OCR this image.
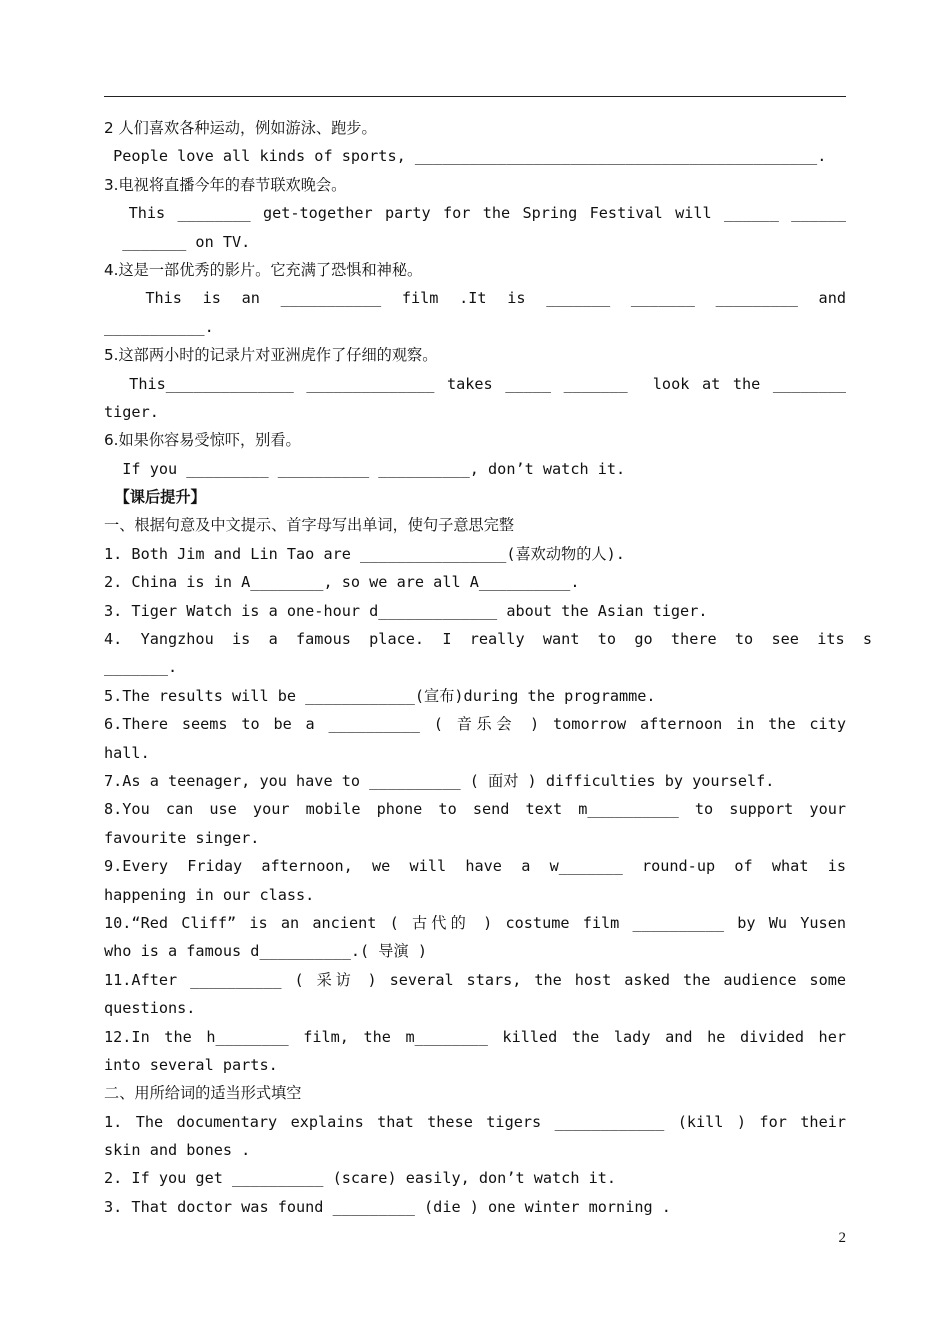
2 人们喜欢各种运动，例如游泳、跑步。
People love all kinds of sports, ____________________________________________.
3.电视将直播今年的春节联欢晚会。
This ________ get-together party for the Spring Festival will ______ ______
_______ on TV.
4.这是一部优秀的影片。它充满了恐惧和神秘。
This  is  an  ___________  film  .It  is  _______  _______  _________  and
___________.
5.这部两小时的记录片对亚洲虎作了仔细的观察。
This______________ ______________ takes _____ _______  look at the ________
tiger.
6.如果你容易受惊吓，别看。
If you _________ __________ __________, don’t watch it.
【课后提升】
一、根据句意及中文提示、首字母写出单词，使句子意思完整
1. Both Jim and Lin Tao are ________________(喜欢动物的人).
2. China is in A________, so we are all A__________.
3. Tiger Watch is a one-hour d_____________ about the Asian tiger.
4.  Yangzhou  is  a  famous  place.  I  really  want  to  go  there  to  see  its  s
_______.
5.The results will be ____________(宣布)during the programme.
6.There seems to be a __________ ( 音乐会 ) tomorrow afternoon in the city
hall.
7.As a teenager, you have to __________ ( 面对 ) difficulties by yourself.
8.You can use your mobile phone to send text m__________ to support your
favourite singer.
9.Every Friday afternoon, we will have a w_______ round-up of what is
happening in our class.
10.“Red Cliff” is an ancient ( 古代的 ) costume film __________ by Wu Yusen
who is a famous d__________.( 导演 )
11.After __________ ( 采访 ) several stars, the host asked the audience some
questions.
12.In the h________ film, the m________ killed the lady and he divided her
into several parts.
二、用所给词的适当形式填空
1. The documentary explains that these tigers ____________ (kill ) for their
skin and bones .
2. If you get __________ (scare) easily, don’t watch it.
3. That doctor was found _________ (die ) one winter morning .
2
